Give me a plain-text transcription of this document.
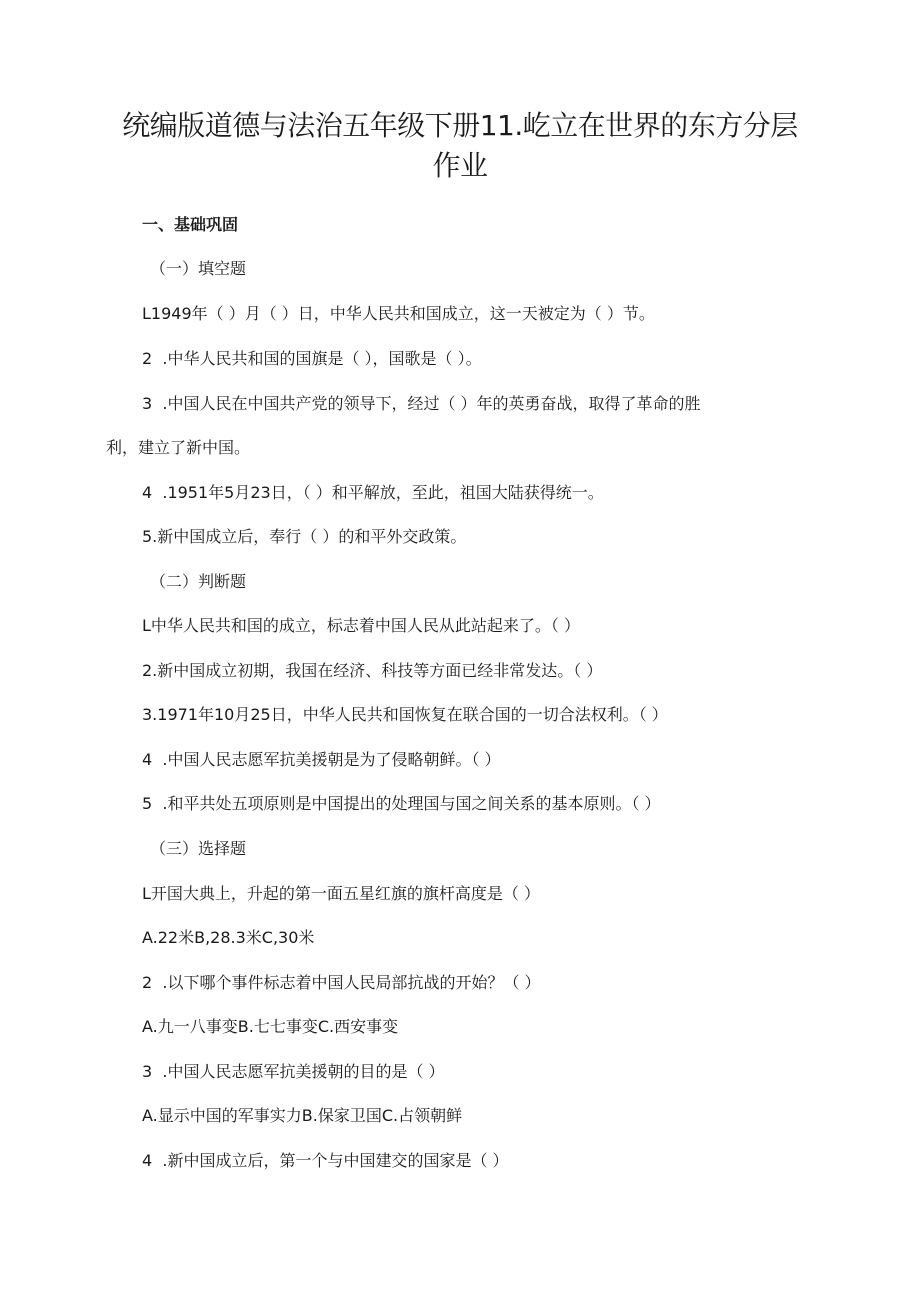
统编版道德与法治五年级下册11.屹立在世界的东方分层
作业
一、基础巩固
（一）填空题
L1949年（ ）月（ ）日，中华人民共和国成立，这一天被定为（ ）节。
2  .中华人民共和国的国旗是（ ），国歌是（ ）。
3  .中国人民在中国共产党的领导下，经过（ ）年的英勇奋战，取得了革命的胜
利，建立了新中国。
4  .1951年5月23日，（ ）和平解放，至此，祖国大陆获得统一。
5.新中国成立后，奉行（ ）的和平外交政策。
（二）判断题
L中华人民共和国的成立，标志着中国人民从此站起来了。（ ）
2.新中国成立初期，我国在经济、科技等方面已经非常发达。（ ）
3.1971年10月25日，中华人民共和国恢复在联合国的一切合法权利。（ ）
4  .中国人民志愿军抗美援朝是为了侵略朝鲜。（ ）
5  .和平共处五项原则是中国提出的处理国与国之间关系的基本原则。（ ）
（三）选择题
L开国大典上，升起的第一面五星红旗的旗杆高度是（ ）
A.22米B,28.3米C,30米
2  .以下哪个事件标志着中国人民局部抗战的开始？（ ）
A.九一八事变B.七七事变C.西安事变
3  .中国人民志愿军抗美援朝的目的是（ ）
A.显示中国的军事实力B.保家卫国C.占领朝鲜
4  .新中国成立后，第一个与中国建交的国家是（ ）
